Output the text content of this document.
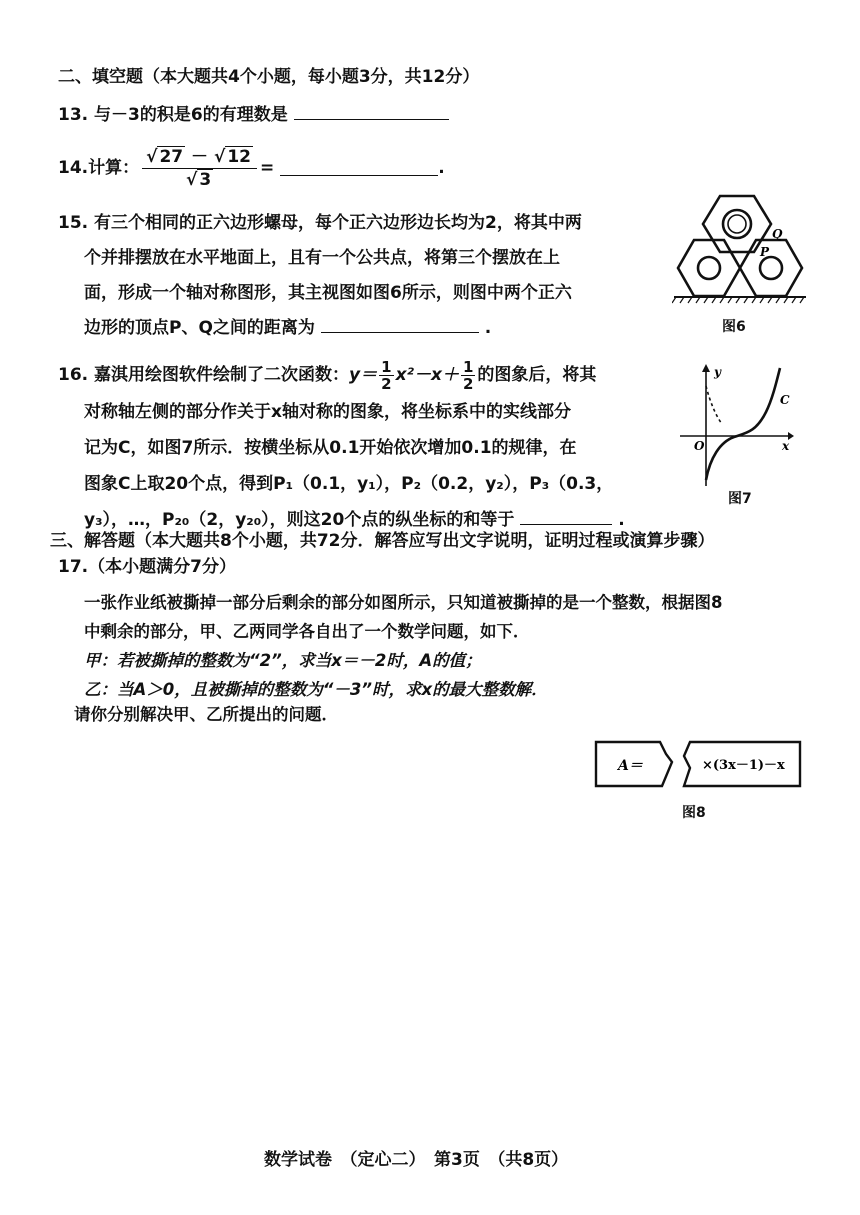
二、填空题（本大题共4个小题，每小题3分，共12分）
13. 与－3的积是6的有理数是
14. 计算： $\frac{√ 27 - √ 12}{√ 3}$ =	.
15. 有三个相同的正六边形螺母，每个正六边形边长均为2，将其中两
个并排摆放在水平地面上，且有一个公共点，将第三个摆放在上
面，形成一个轴对称图形，其主视图如图6所示，则图中两个正六
边形的顶点P、Q之间的距离为	.
Q
P
图6
16.
嘉淇用绘图软件绘制了二次函数： y＝ 1
2 x²－x＋ 1
2 的图象后，将其
对称轴左侧的部分作关于x轴对称的图象，将坐标系中的实线部分
记为C，如图7所示．按横坐标从0.1开始依次增加0.1的规律，在
图象C上取20个点，得到P₁（0.1，y₁），P₂（0.2，y₂），P₃（0.3，
y₃），…，P₂₀（2，y₂₀），则这20个点的纵坐标的和等于	.
y
x
O
C
图7
三、解答题（本大题共8个小题，共72分．解答应写出文字说明，证明过程或演算步骤）
17.（本小题满分7分）
一张作业纸被撕掉一部分后剩余的部分如图所示，只知道被撕掉的是一个整数，根据图8
中剩余的部分，甲、乙两同学各自出了一个数学问题，如下．
甲：若被撕掉的整数为“2”，求当x＝－2时，A的值；
乙：当A＞0，且被撕掉的整数为“－3”时，求x的最大整数解．
请你分别解决甲、乙所提出的问题．
A＝	×(3x－1)－x
图8
数学试卷　（定心二）　第3页　（共8页）
